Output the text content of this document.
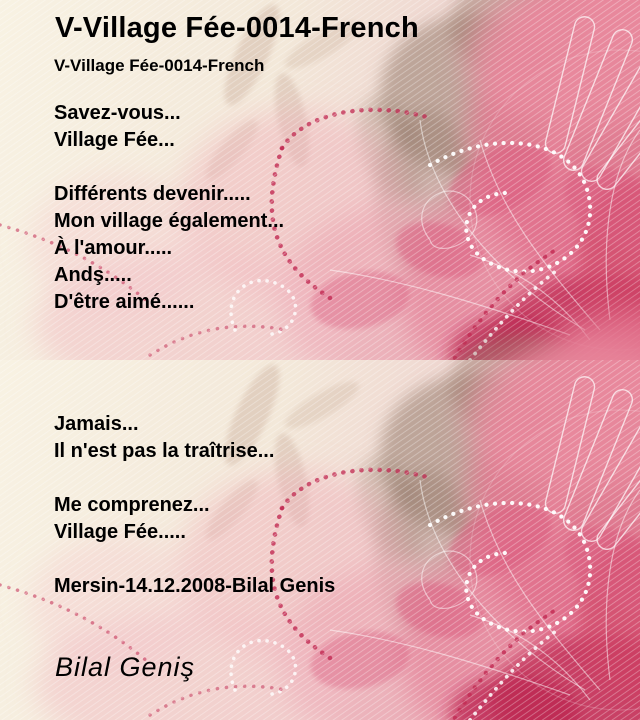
V-Village Fée-0014-French
V-Village Fée-0014-French
Savez-vous...
Village Fée...
Différents devenir.....
Mon village également...
À l'amour.....
Andş.....
D'être aimé......
Jamais...
Il n'est pas la traîtrise...
Me comprenez...
Village Fée.....
Mersin-14.12.2008-Bilal Genis
Bilal Geniş
